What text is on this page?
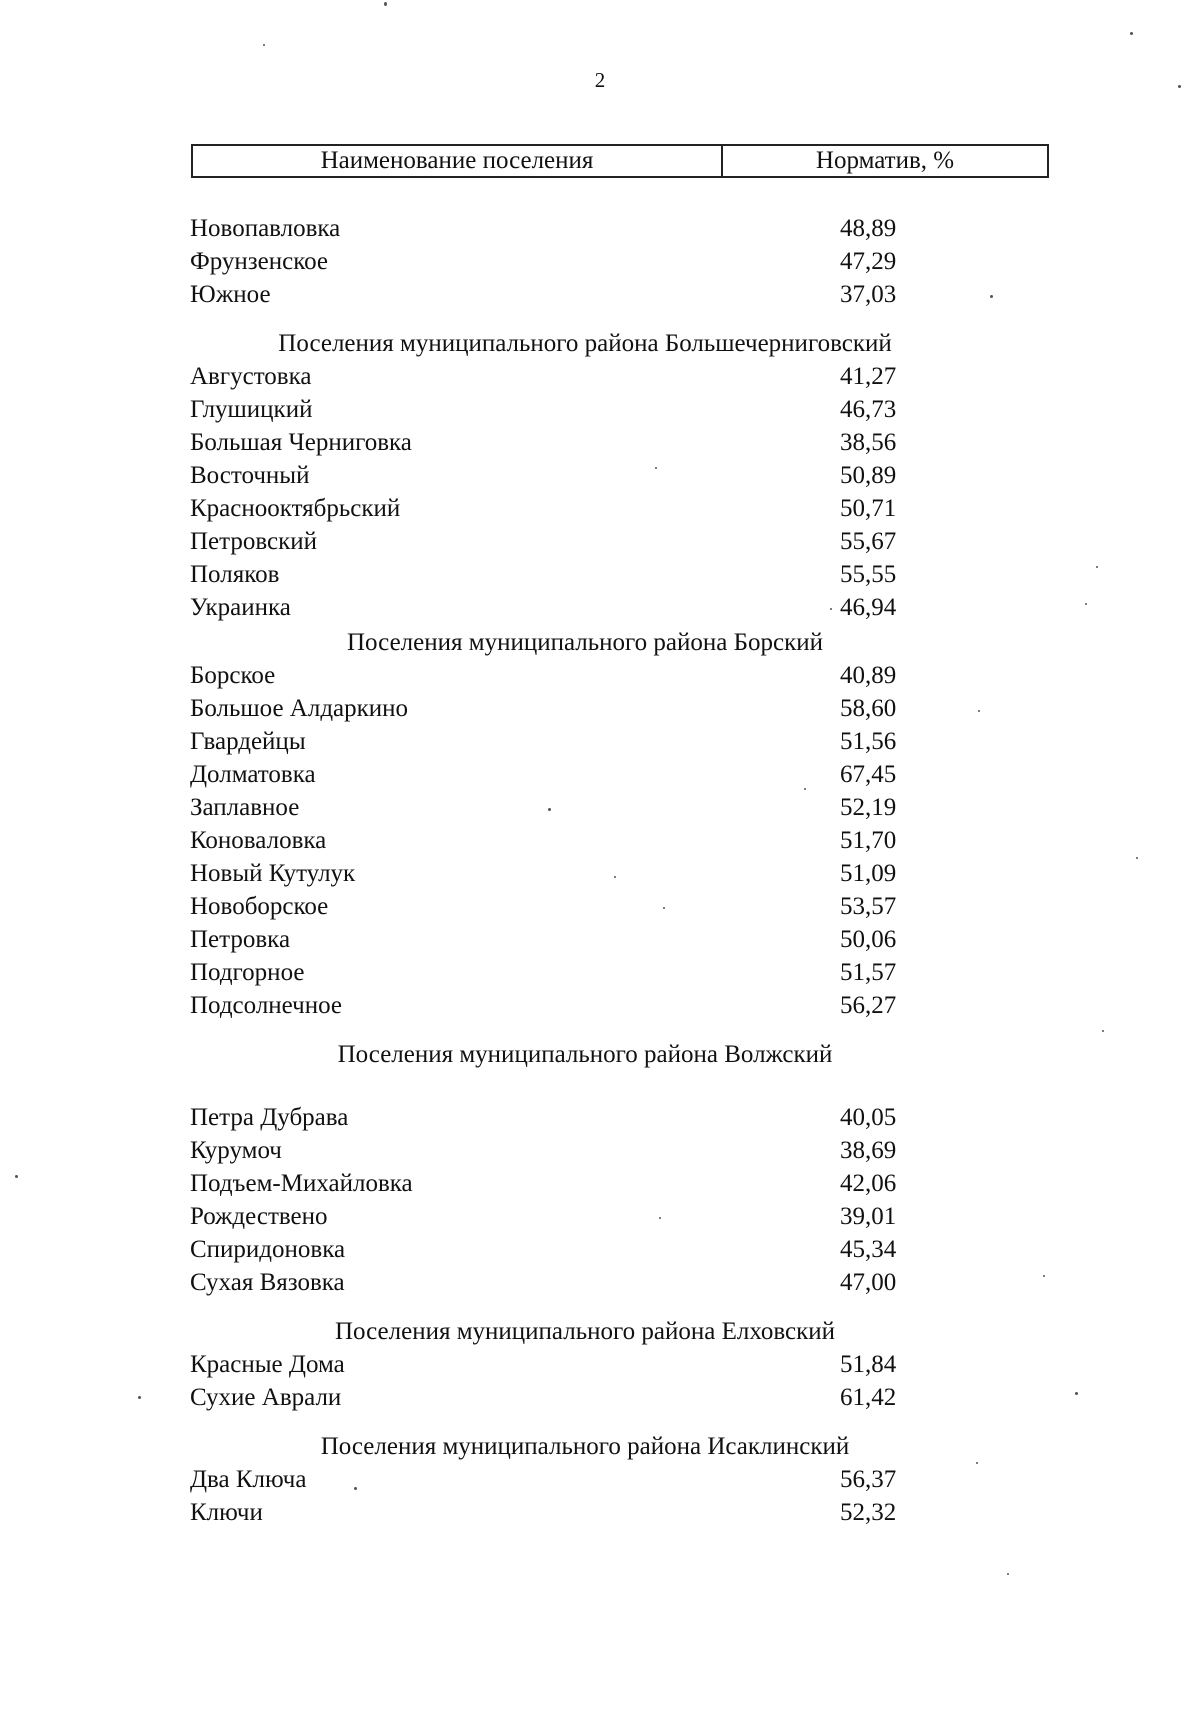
2
Наименование поселения	Норматив, %
Новопавловка	48,89
Фрунзенское	47,29
Южное	37,03
Поселения муниципального района Большечерниговский
Августовка	41,27
Глушицкий	46,73
Большая Черниговка	38,56
Восточный	50,89
Краснооктябрьский	50,71
Петровский	55,67
Поляков	55,55
Украинка	46,94
Поселения муниципального района Борский
Борское	40,89
Большое Алдаркино	58,60
Гвардейцы	51,56
Долматовка	67,45
Заплавное	52,19
Коноваловка	51,70
Новый Кутулук	51,09
Новоборское	53,57
Петровка	50,06
Подгорное	51,57
Подсолнечное	56,27
Поселения муниципального района Волжский
Петра Дубрава	40,05
Курумоч	38,69
Подъем-Михайловка	42,06
Рождествено	39,01
Спиридоновка	45,34
Сухая Вязовка	47,00
Поселения муниципального района Елховский
Красные Дома	51,84
Сухие Аврали	61,42
Поселения муниципального района Исаклинский
Два Ключа	56,37
Ключи	52,32
